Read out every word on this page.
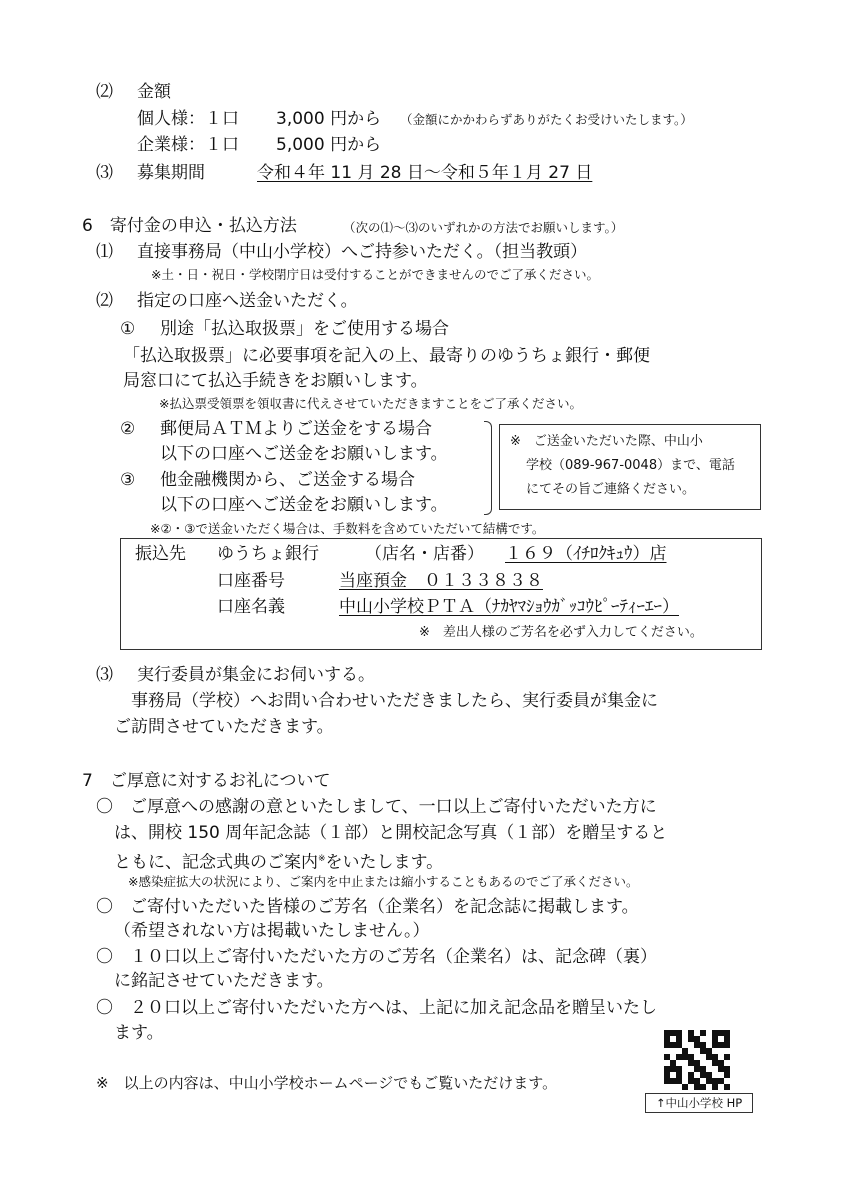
⑵ 金額
個人様：１口 3,000 円から （金額にかかわらずありがたくお受けいたします。）
企業様：１口 5,000 円から
⑶ 募集期間	令和４年 11 月 28 日～令和５年１月 27 日
6　寄付金の申込・払込方法	（次の⑴～⑶のいずれかの方法でお願いします。）
⑴ 直接事務局（中山小学校）へご持参いただく。（担当教頭）
※土・日・祝日・学校閉庁日は受付することができませんのでご了承ください。
⑵ 指定の口座へ送金いただく。
① 別途「払込取扱票」をご使用する場合
「払込取扱票」に必要事項を記入の上、最寄りのゆうちょ銀行・郵便
局窓口にて払込手続きをお願いします。
※払込票受領票を領収書に代えさせていただきますことをご了承ください。
② 郵便局ＡＴＭよりご送金をする場合
以下の口座へご送金をお願いします。
③ 他金融機関から、ご送金する場合
以下の口座へご送金をお願いします。
※　ご送金いただいた際、中山小
学校（089-967-0048）まで、電話
にてその旨ご連絡ください。
※②・③で送金いただく場合は、手数料を含めていただいて結構です。
振込先 ゆうちょ銀行	（店名・店番） １６９（ｲﾁﾛｸｷｭｳ）店
口座番号	当座預金　０１３３８３８
口座名義	中山小学校ＰＴＡ（ﾅｶﾔﾏｼｮｳｶﾞｯｺｳﾋﾟｰﾃｨｰｴｰ）
※　差出人様のご芳名を必ず入力してください。
⑶ 実行委員が集金にお伺いする。
事務局（学校）へお問い合わせいただきましたら、実行委員が集金に
ご訪問させていただきます。
7　ご厚意に対するお礼について
〇　ご厚意への感謝の意といたしまして、一口以上ご寄付いただいた方に
は、開校 150 周年記念誌（１部）と開校記念写真（１部）を贈呈すると
ともに、記念式典のご案内※をいたします。
※感染症拡大の状況により、ご案内を中止または縮小することもあるのでご了承ください。
〇　ご寄付いただいた皆様のご芳名（企業名）を記念誌に掲載します。
（希望されない方は掲載いたしません。）
〇　１０口以上ご寄付いただいた方のご芳名（企業名）は、記念碑（裏）
に銘記させていただきます。
〇　２０口以上ご寄付いただいた方へは、上記に加え記念品を贈呈いたし
ます。
※　以上の内容は、中山小学校ホームページでもご覧いただけます。
↑中山小学校 HP
